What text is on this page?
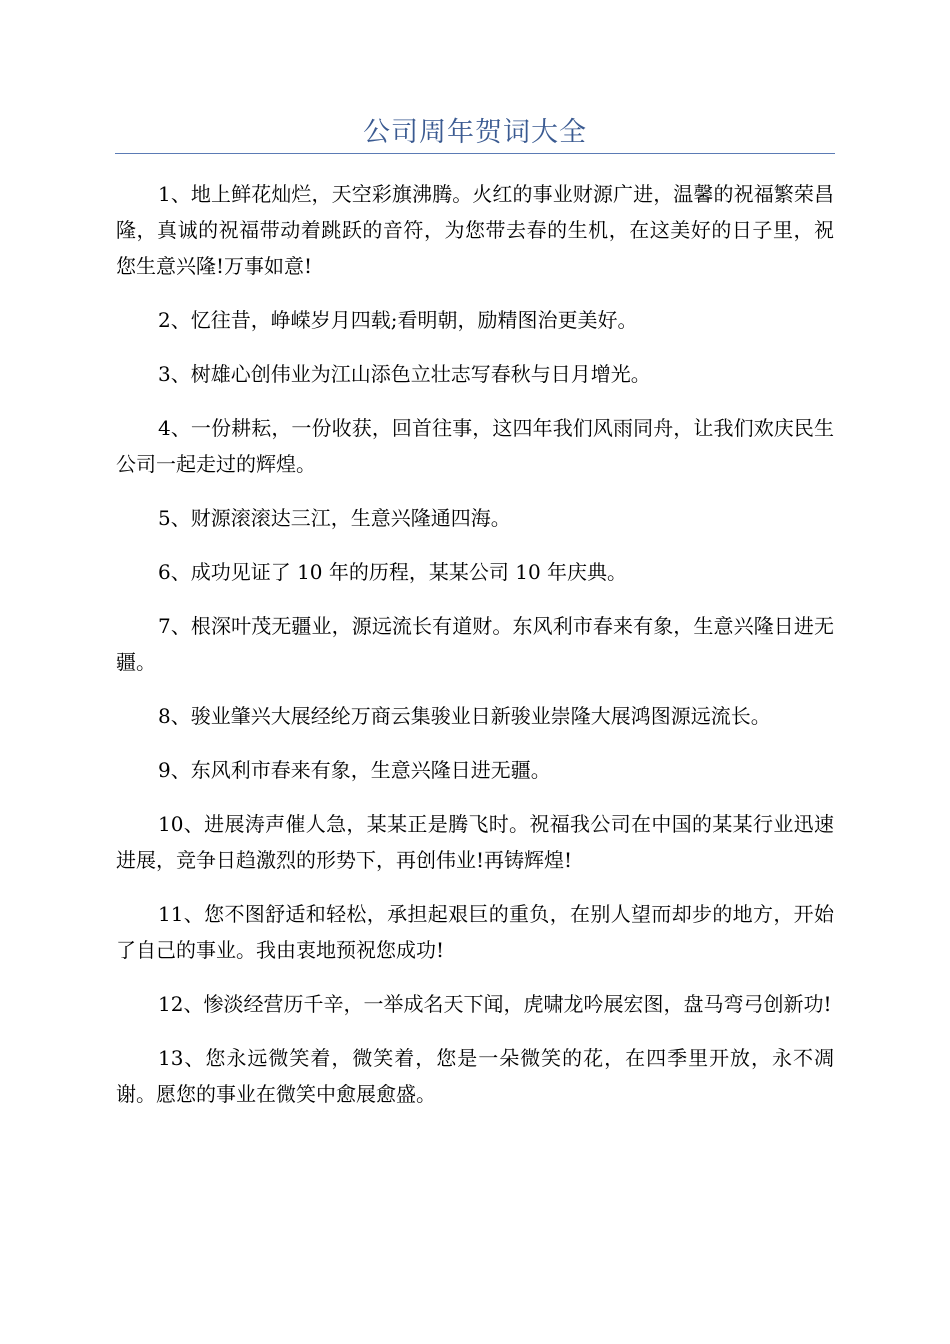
公司周年贺词大全

1、地上鲜花灿烂，天空彩旗沸腾。火红的事业财源广进，温馨的祝福繁荣昌隆，真诚的祝福带动着跳跃的音符，为您带去春的生机，在这美好的日子里，祝您生意兴隆!万事如意!

2、忆往昔，峥嵘岁月四载;看明朝，励精图治更美好。

3、树雄心创伟业为江山添色立壮志写春秋与日月增光。

4、一份耕耘，一份收获，回首往事，这四年我们风雨同舟，让我们欢庆民生公司一起走过的辉煌。

5、财源滚滚达三江，生意兴隆通四海。

6、成功见证了 10 年的历程，某某公司 10 年庆典。

7、根深叶茂无疆业，源远流长有道财。东风利市春来有象，生意兴隆日进无疆。

8、骏业肇兴大展经纶万商云集骏业日新骏业崇隆大展鸿图源远流长。

9、东风利市春来有象，生意兴隆日进无疆。

10、进展涛声催人急，某某正是腾飞时。祝福我公司在中国的某某行业迅速进展，竞争日趋激烈的形势下，再创伟业!再铸辉煌!

11、您不图舒适和轻松，承担起艰巨的重负，在别人望而却步的地方，开始了自己的事业。我由衷地预祝您成功!

12、惨淡经营历千辛，一举成名天下闻，虎啸龙吟展宏图，盘马弯弓创新功!

13、您永远微笑着，微笑着，您是一朵微笑的花，在四季里开放，永不凋谢。愿您的事业在微笑中愈展愈盛。
